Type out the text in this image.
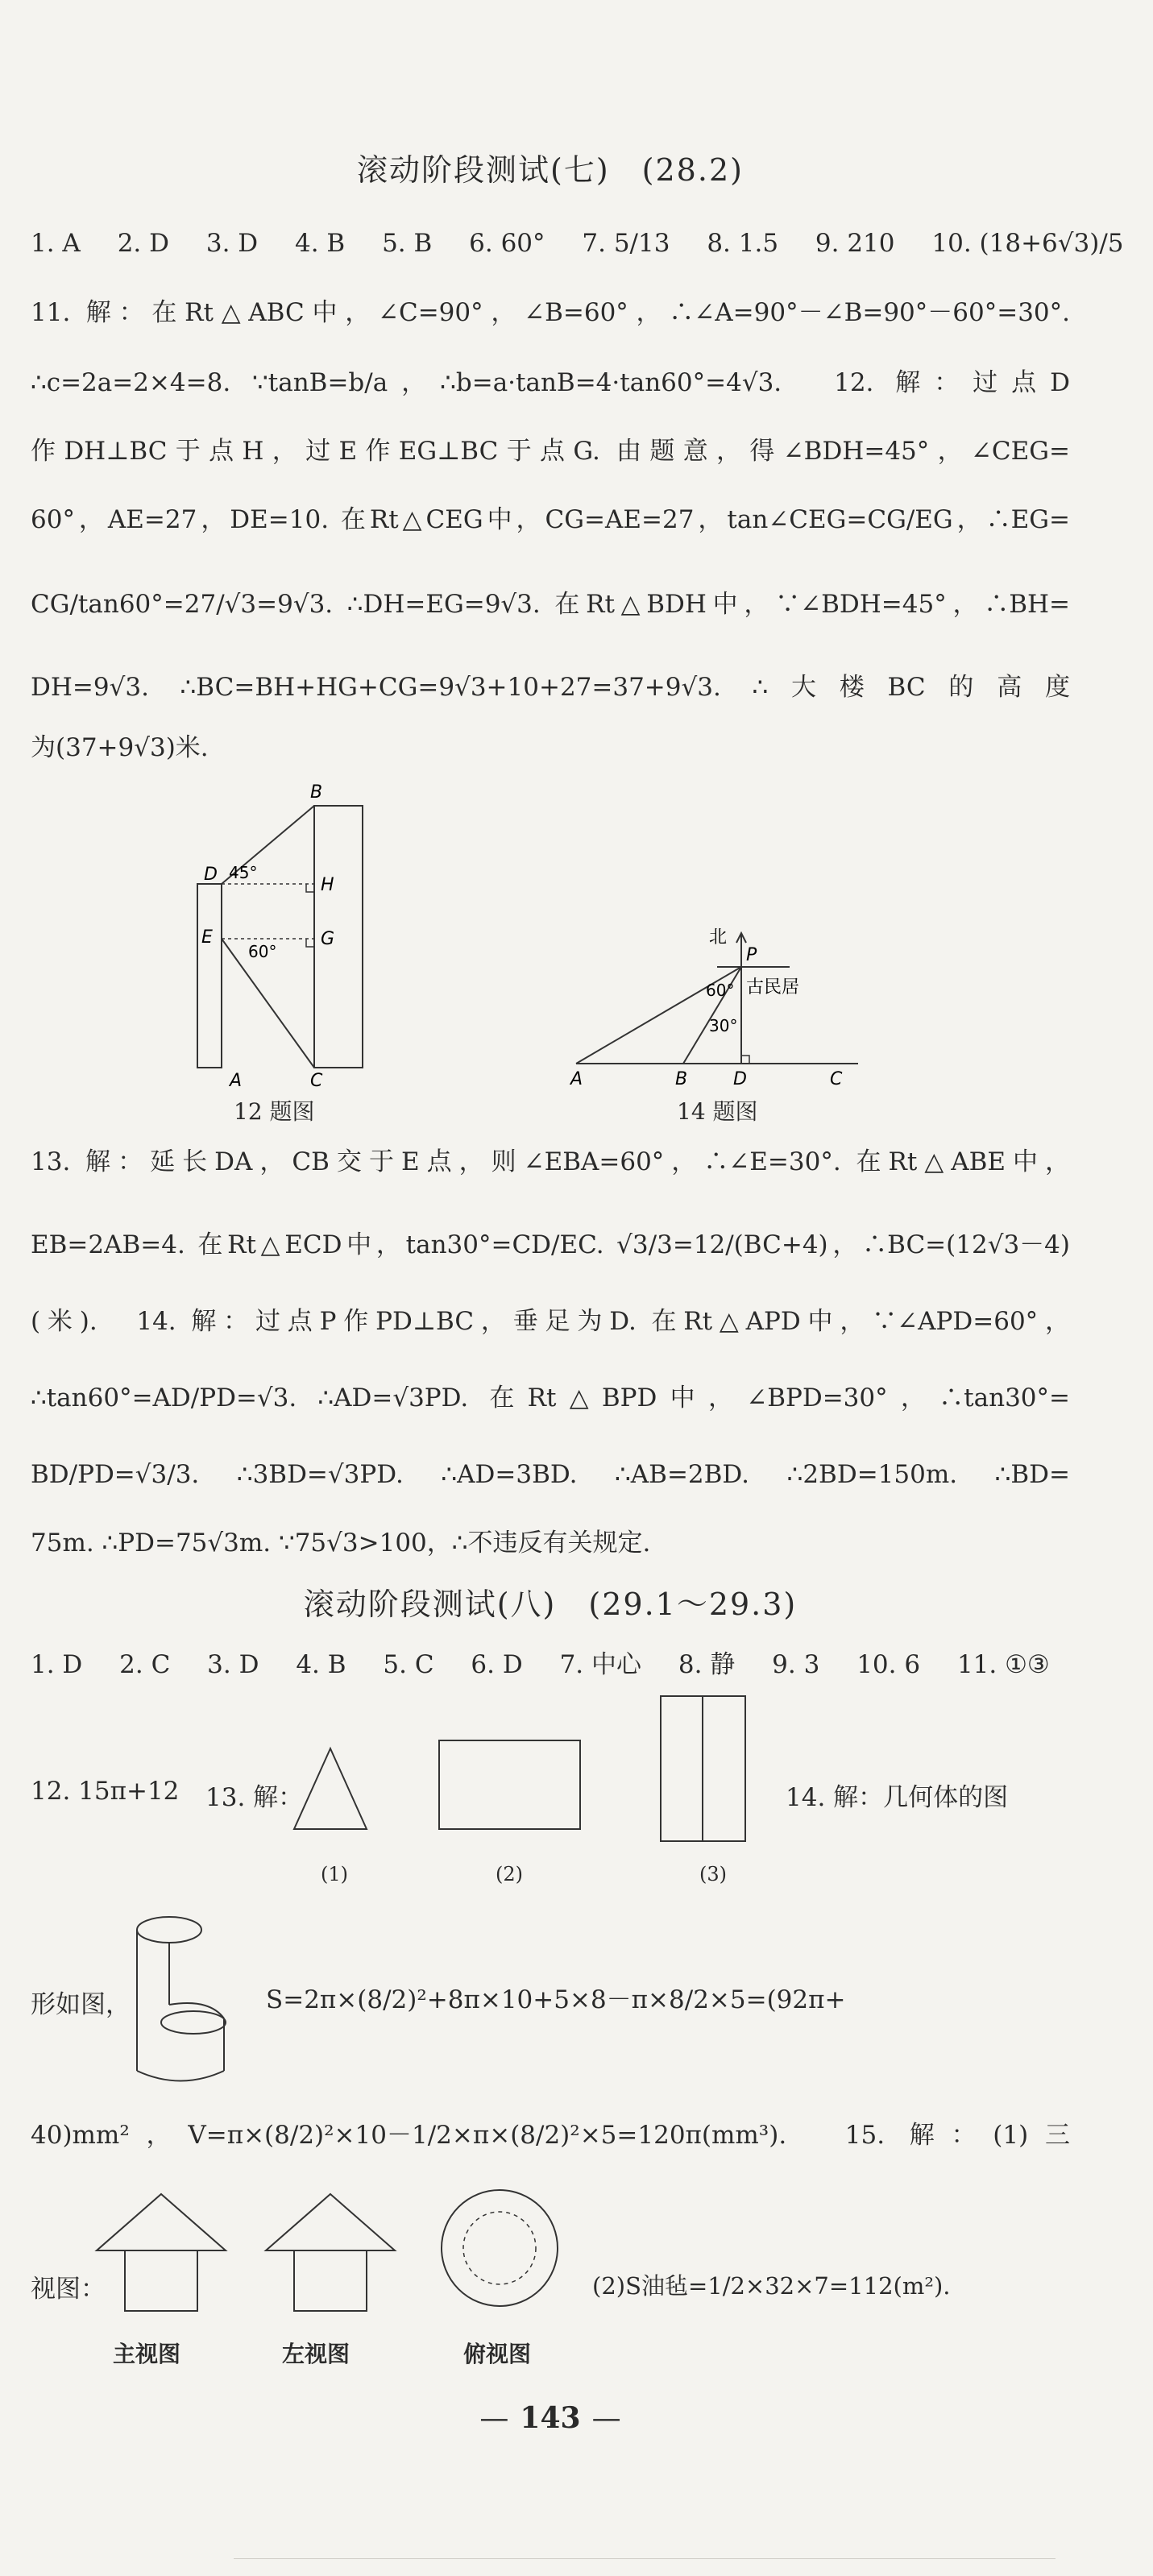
滚动阶段测试(七)　(28.2)
1. A 2. D 3. D 4. B 5. B 6. 60° 7. 5/13 8. 1.5 9. 210 10. (18+6√3)/5
11. 解：在Rt△ABC中，∠C=90°，∠B=60°，∴∠A=90°－∠B=90°－60°=30°.
∴c=2a=2×4=8. ∵tanB=b/a，∴b=a·tanB=4·tan60°=4√3.　12. 解：过点D
作DH⊥BC于点H，过E作EG⊥BC于点G. 由题意，得∠BDH=45°，∠CEG=
60°，AE=27，DE=10. 在Rt△CEG中，CG=AE=27，tan∠CEG=CG/EG，∴EG=
CG/tan60°=27/√3=9√3. ∴DH=EG=9√3. 在Rt△BDH中，∵∠BDH=45°，∴BH=
DH=9√3. ∴BC=BH+HG+CG=9√3+10+27=37+9√3. ∴大楼BC的高度
为(37+9√3)米.
B
D 45°
H
E
60°
G
A	C
12 题图
北
P
古民居
60°
30°
A	B	D	C
14 题图
13. 解：延长DA，CB交于E点，则∠EBA=60°，∴∠E=30°. 在Rt△ABE中，
EB=2AB=4. 在Rt△ECD中，tan30°=CD/EC. √3/3=12/(BC+4)，∴BC=(12√3－4)
(米).　14. 解：过点P作PD⊥BC，垂足为D. 在Rt△APD中，∵∠APD=60°，
∴tan60°=AD/PD=√3. ∴AD=√3PD. 在Rt△BPD中，∠BPD=30°，∴tan30°=
BD/PD=√3/3. ∴3BD=√3PD. ∴AD=3BD. ∴AB=2BD. ∴2BD=150m. ∴BD=
75m. ∴PD=75√3m. ∵75√3>100，∴不违反有关规定.
滚动阶段测试(八)　(29.1～29.3)
1. D 2. C 3. D 4. B 5. C 6. D 7. 中心 8. 静 9. 3 10. 6 11. ①③
12. 15π+12 13. 解：
(1)	(2)	(3)
14. 解：几何体的图
形如图，	S=2π×(8/2)²+8π×10+5×8－π×8/2×5=(92π+
40)mm²，V=π×(8/2)²×10－1/2×π×(8/2)²×5=120π(mm³).　15. 解：(1)三
视图：
主视图	左视图	俯视图
(2)S油毡=1/2×32×7=112(m²).
— 143 —
